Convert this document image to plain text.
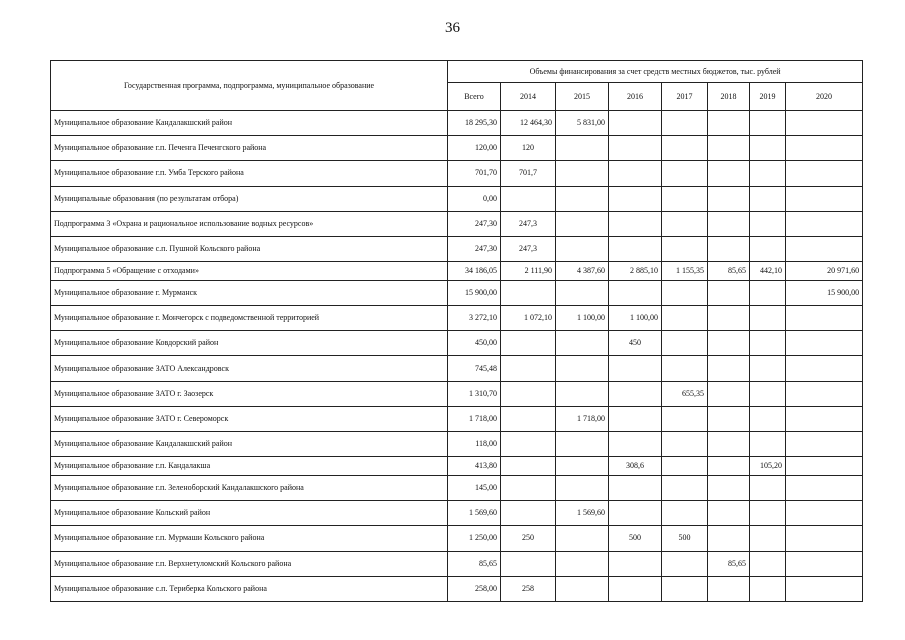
36
Государственная программа, подпрограмма, муниципальное образование	Объемы финансирования за счет средств местных бюджетов, тыс. рублей							
	Всего	2014	2015	2016	2017	2018	2019	2020
Муниципальное образование Кандалакшский район	18 295,30	12 464,30	5 831,00					
Муниципальное образование г.п. Печенга Печенгского района	120,00	120						
Муниципальное образование г.п. Умба Терского района	701,70	701,7						
Муниципальные образования (по результатам отбора)	0,00							
Подпрограмма 3 «Охрана и рациональное использование водных ресурсов»	247,30	247,3						
Муниципальное образование с.п. Пушной Кольского района	247,30	247,3						
Подпрограмма 5 «Обращение с отходами»	34 186,05	2 111,90	4 387,60	2 885,10	1 155,35	85,65	442,10	20 971,60
Муниципальное образование г. Мурманск	15 900,00							15 900,00
Муниципальное образование г. Мончегорск с подведомственной территорией	3 272,10	1 072,10	1 100,00	1 100,00				
Муниципальное образование Ковдорский район	450,00			450				
Муниципальное образование ЗАТО Александровск	745,48							
Муниципальное образование ЗАТО г. Заозерск	1 310,70				655,35			
Муниципальное образование ЗАТО г. Североморск	1 718,00		1 718,00					
Муниципальное образование Кандалакшский район	118,00							
Муниципальное образование г.п. Кандалакша	413,80			308,6			105,20	
Муниципальное образование г.п. Зеленоборский Кандалакшского района	145,00							
Муниципальное образование Кольский район	1 569,60		1 569,60					
Муниципальное образование г.п. Мурмаши Кольского района	1 250,00	250		500	500			
Муниципальное образование г.п. Верхнетуломский Кольского района	85,65					85,65		
Муниципальное образование с.п. Териберка Кольского района	258,00	258						
